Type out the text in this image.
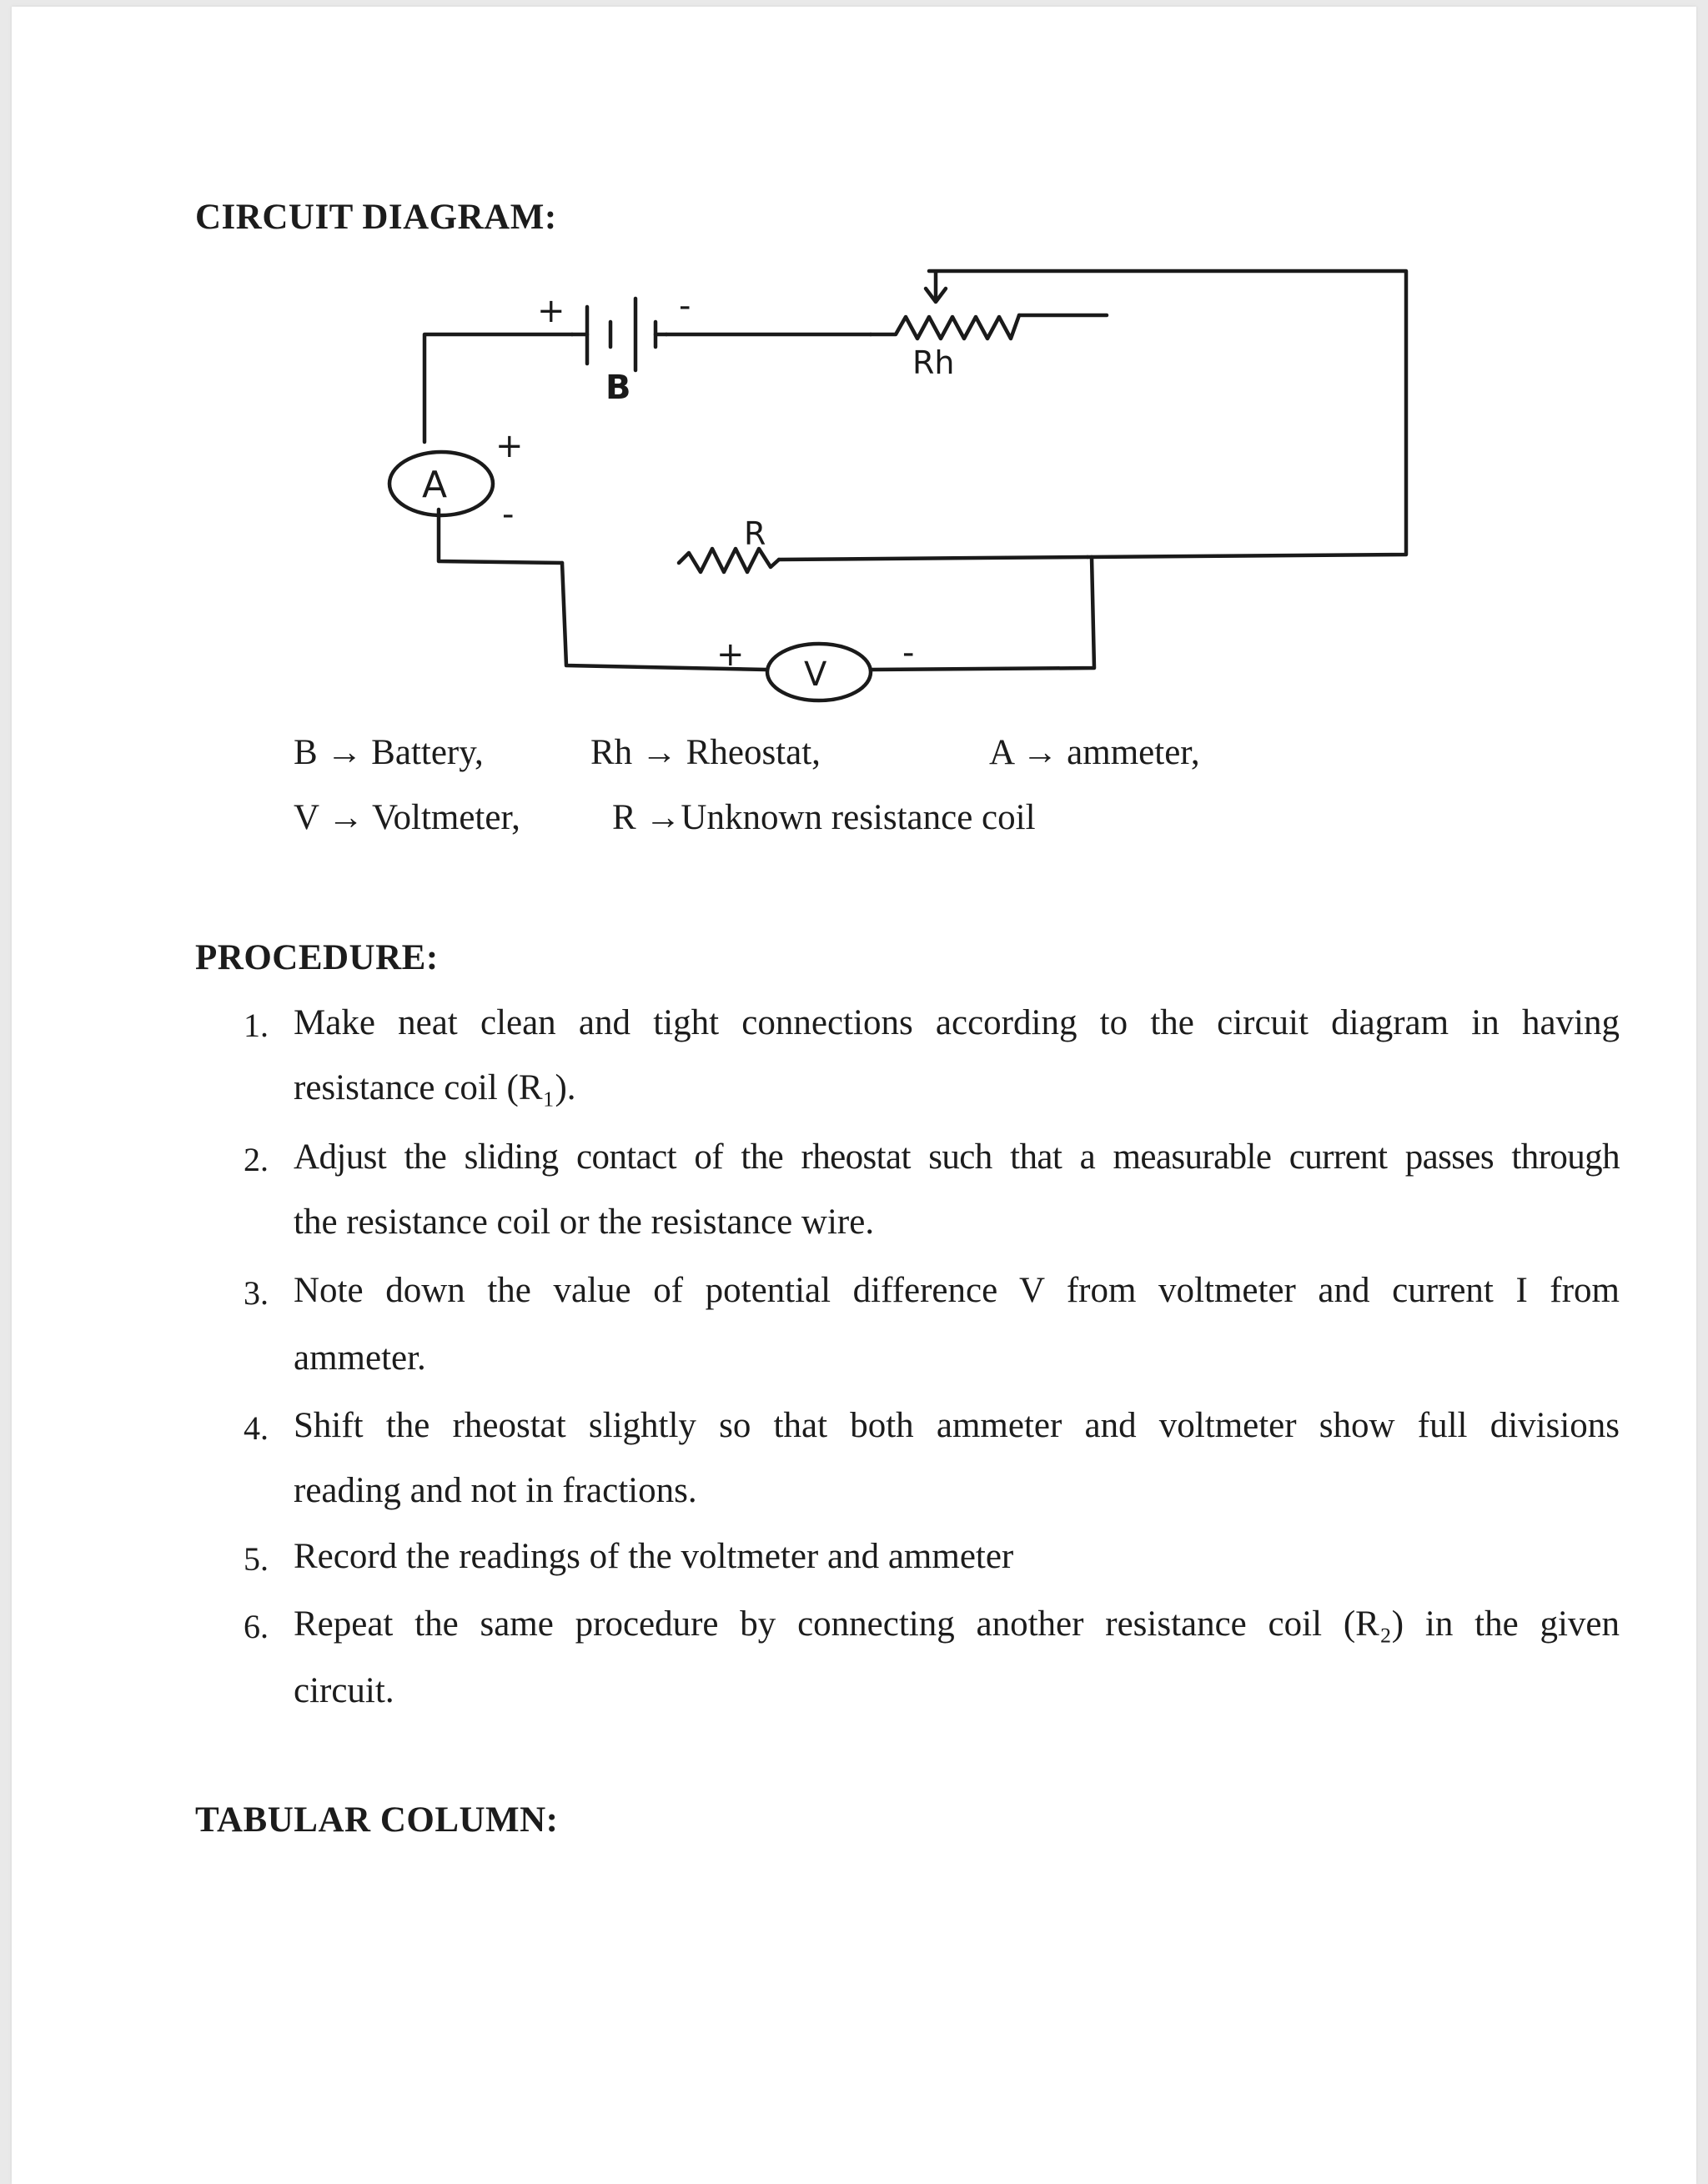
CIRCUIT DIAGRAM:
+	-
B
Rh
A
+
-	R
V
+	-
B → Battery,	Rh → Rheostat,	A → ammeter,
V → Voltmeter,	R →Unknown resistance coil
PROCEDURE:
1. Make neat clean and tight connections according to the circuit diagram in having
resistance coil (R₁).
2. Adjust the sliding contact of the rheostat such that a measurable current passes through
the resistance coil or the resistance wire.
3. Note down the value of potential difference V from voltmeter and current I from
ammeter.
4. Shift the rheostat slightly so that both ammeter and voltmeter show full divisions
reading and not in fractions.
5. Record the readings of the voltmeter and ammeter
6. Repeat the same procedure by connecting another resistance coil (R₂) in the given
circuit.
TABULAR COLUMN:
